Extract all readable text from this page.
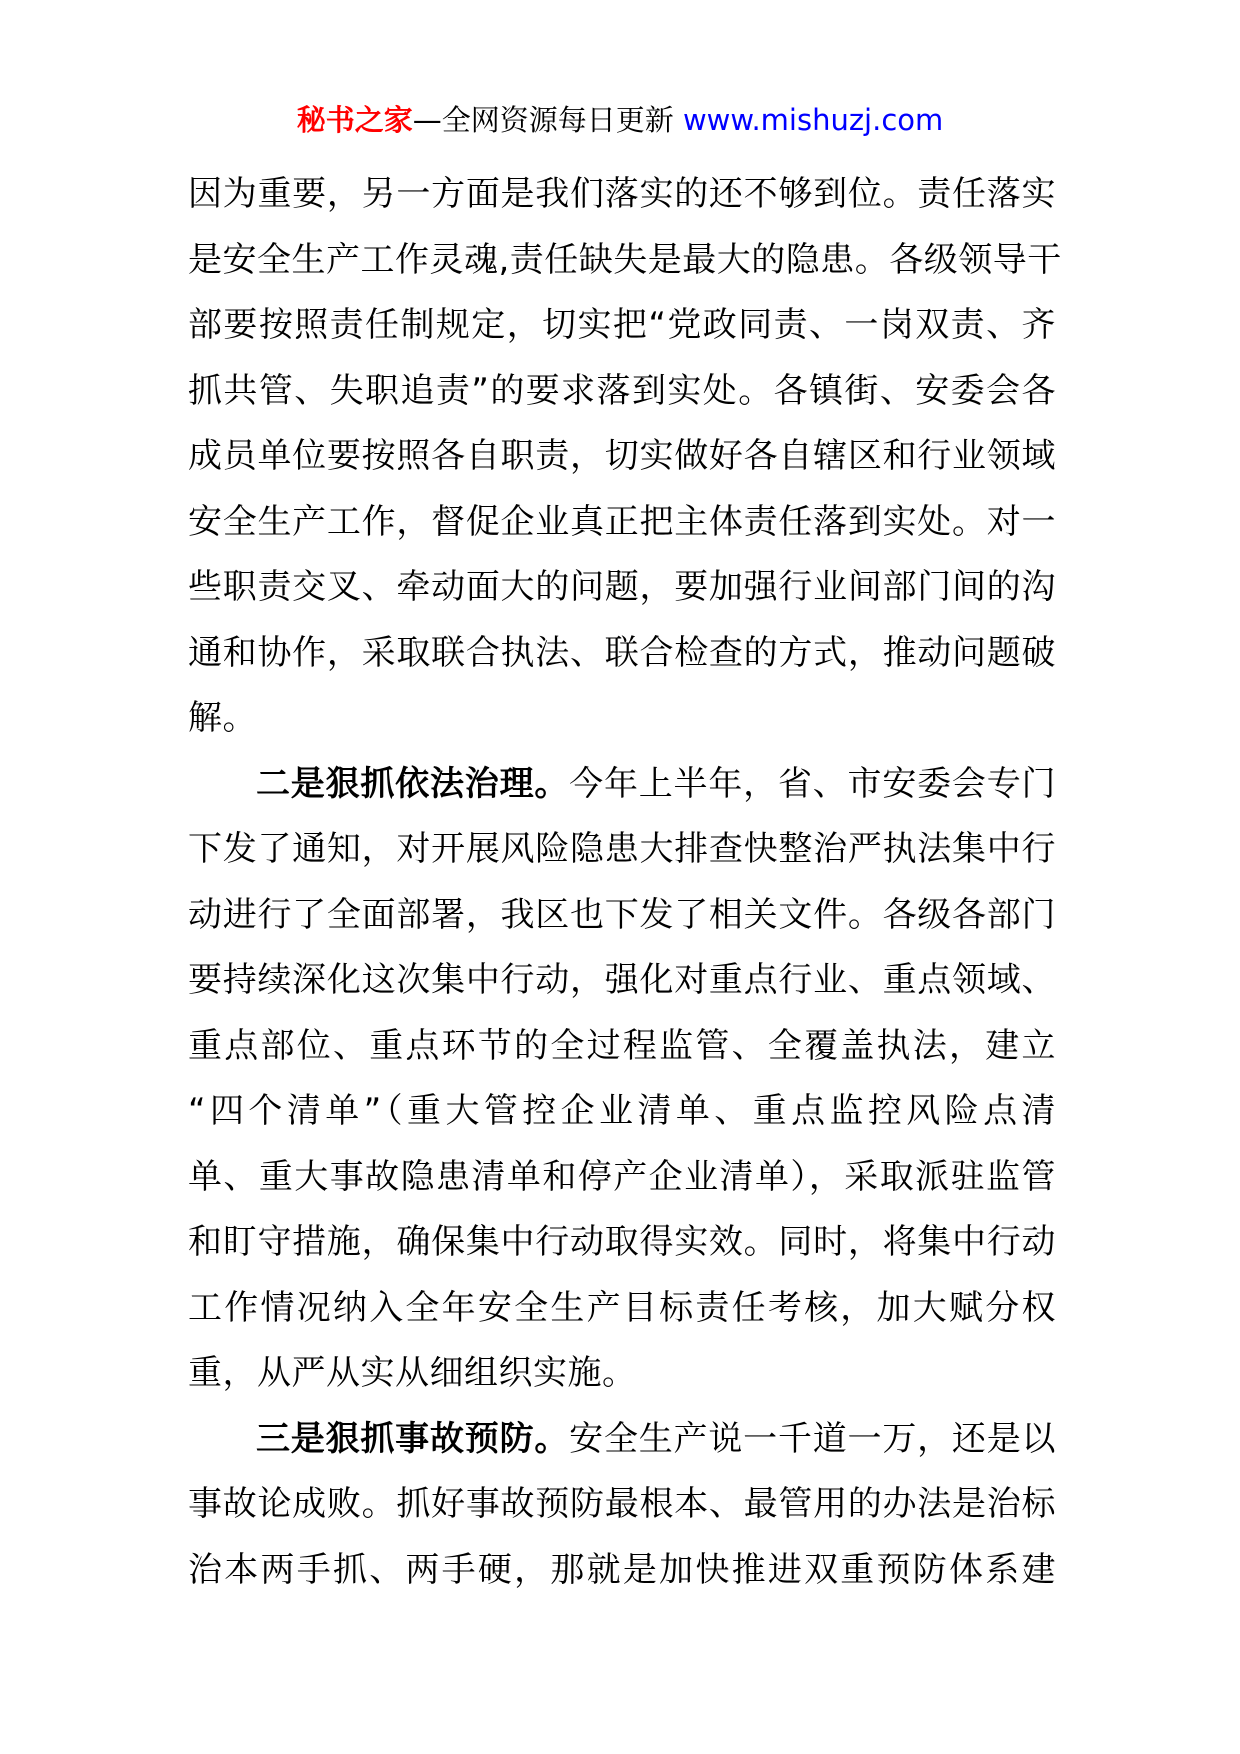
秘书之家—全网资源每日更新 www.mishuzj.com
因为重要，另一方面是我们落实的还不够到位。责任落实
是安全生产工作灵魂,责任缺失是最大的隐患。各级领导干
部要按照责任制规定，切实把“党政同责、一岗双责、齐
抓共管、失职追责”的要求落到实处。各镇街、安委会各
成员单位要按照各自职责，切实做好各自辖区和行业领域
安全生产工作，督促企业真正把主体责任落到实处。对一
些职责交叉、牵动面大的问题，要加强行业间部门间的沟
通和协作，采取联合执法、联合检查的方式，推动问题破
解。
二是狠抓依法治理。今年上半年，省、市安委会专门
下发了通知，对开展风险隐患大排查快整治严执法集中行
动进行了全面部署，我区也下发了相关文件。各级各部门
要持续深化这次集中行动，强化对重点行业、重点领域、
重点部位、重点环节的全过程监管、全覆盖执法，建立
“四个清单”（重大管控企业清单、重点监控风险点清
单、重大事故隐患清单和停产企业清单），采取派驻监管
和盯守措施，确保集中行动取得实效。同时，将集中行动
工作情况纳入全年安全生产目标责任考核，加大赋分权
重，从严从实从细组织实施。
三是狠抓事故预防。安全生产说一千道一万，还是以
事故论成败。抓好事故预防最根本、最管用的办法是治标
治本两手抓、两手硬，那就是加快推进双重预防体系建
